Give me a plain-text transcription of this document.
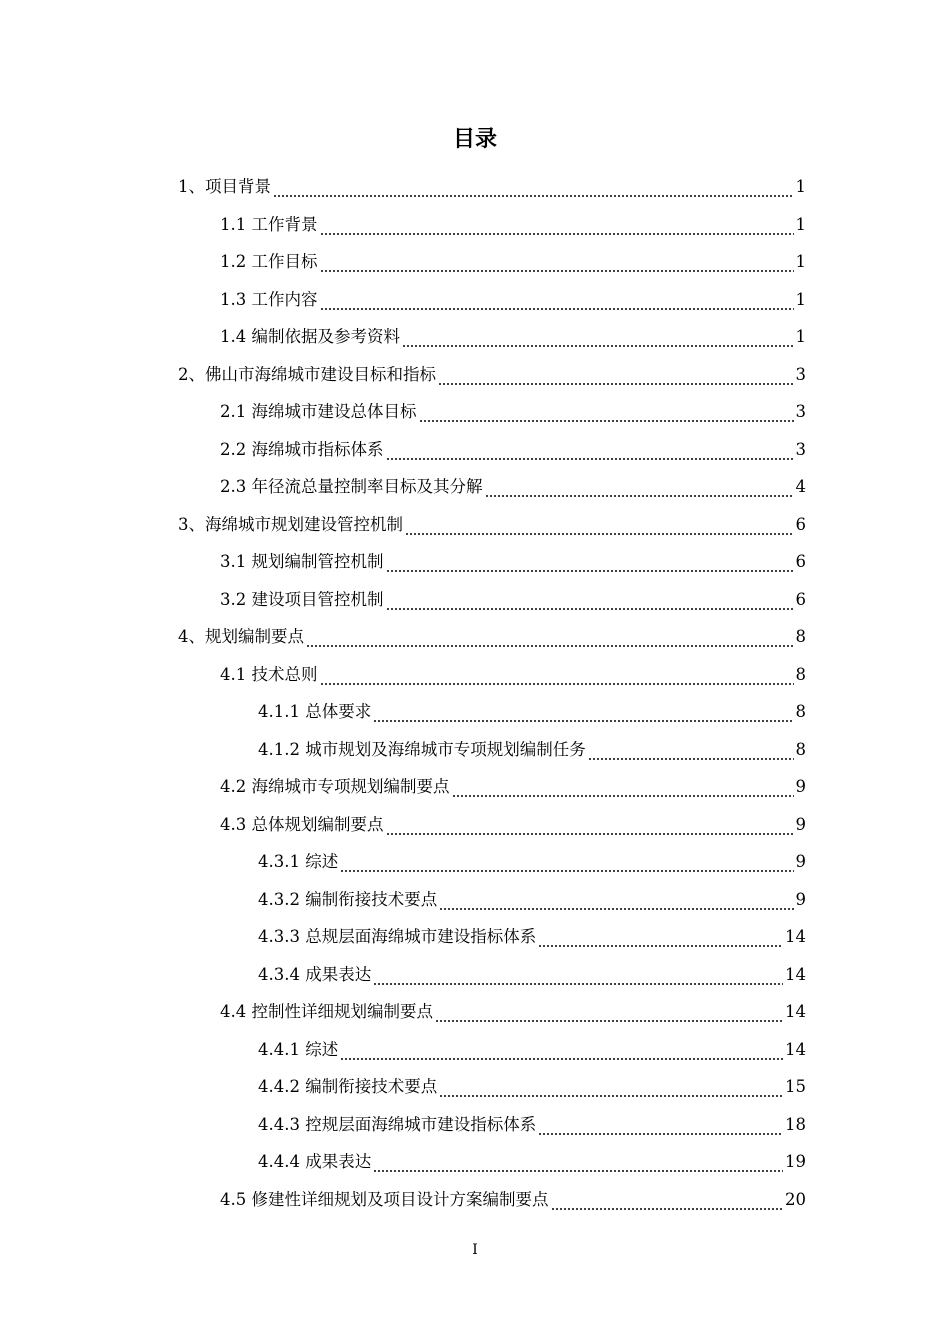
目录
1、项目背景	1
1.1 工作背景	1
1.2 工作目标	1
1.3 工作内容	1
1.4 编制依据及参考资料	1
2、佛山市海绵城市建设目标和指标	3
2.1 海绵城市建设总体目标	3
2.2 海绵城市指标体系	3
2.3 年径流总量控制率目标及其分解	4
3、海绵城市规划建设管控机制	6
3.1 规划编制管控机制	6
3.2 建设项目管控机制	6
4、规划编制要点	8
4.1 技术总则	8
4.1.1 总体要求	8
4.1.2 城市规划及海绵城市专项规划编制任务	8
4.2 海绵城市专项规划编制要点	9
4.3 总体规划编制要点	9
4.3.1 综述	9
4.3.2 编制衔接技术要点	9
4.3.3 总规层面海绵城市建设指标体系	14
4.3.4 成果表达	14
4.4 控制性详细规划编制要点	14
4.4.1 综述	14
4.4.2 编制衔接技术要点	15
4.4.3 控规层面海绵城市建设指标体系	18
4.4.4 成果表达	19
4.5 修建性详细规划及项目设计方案编制要点	20
I
